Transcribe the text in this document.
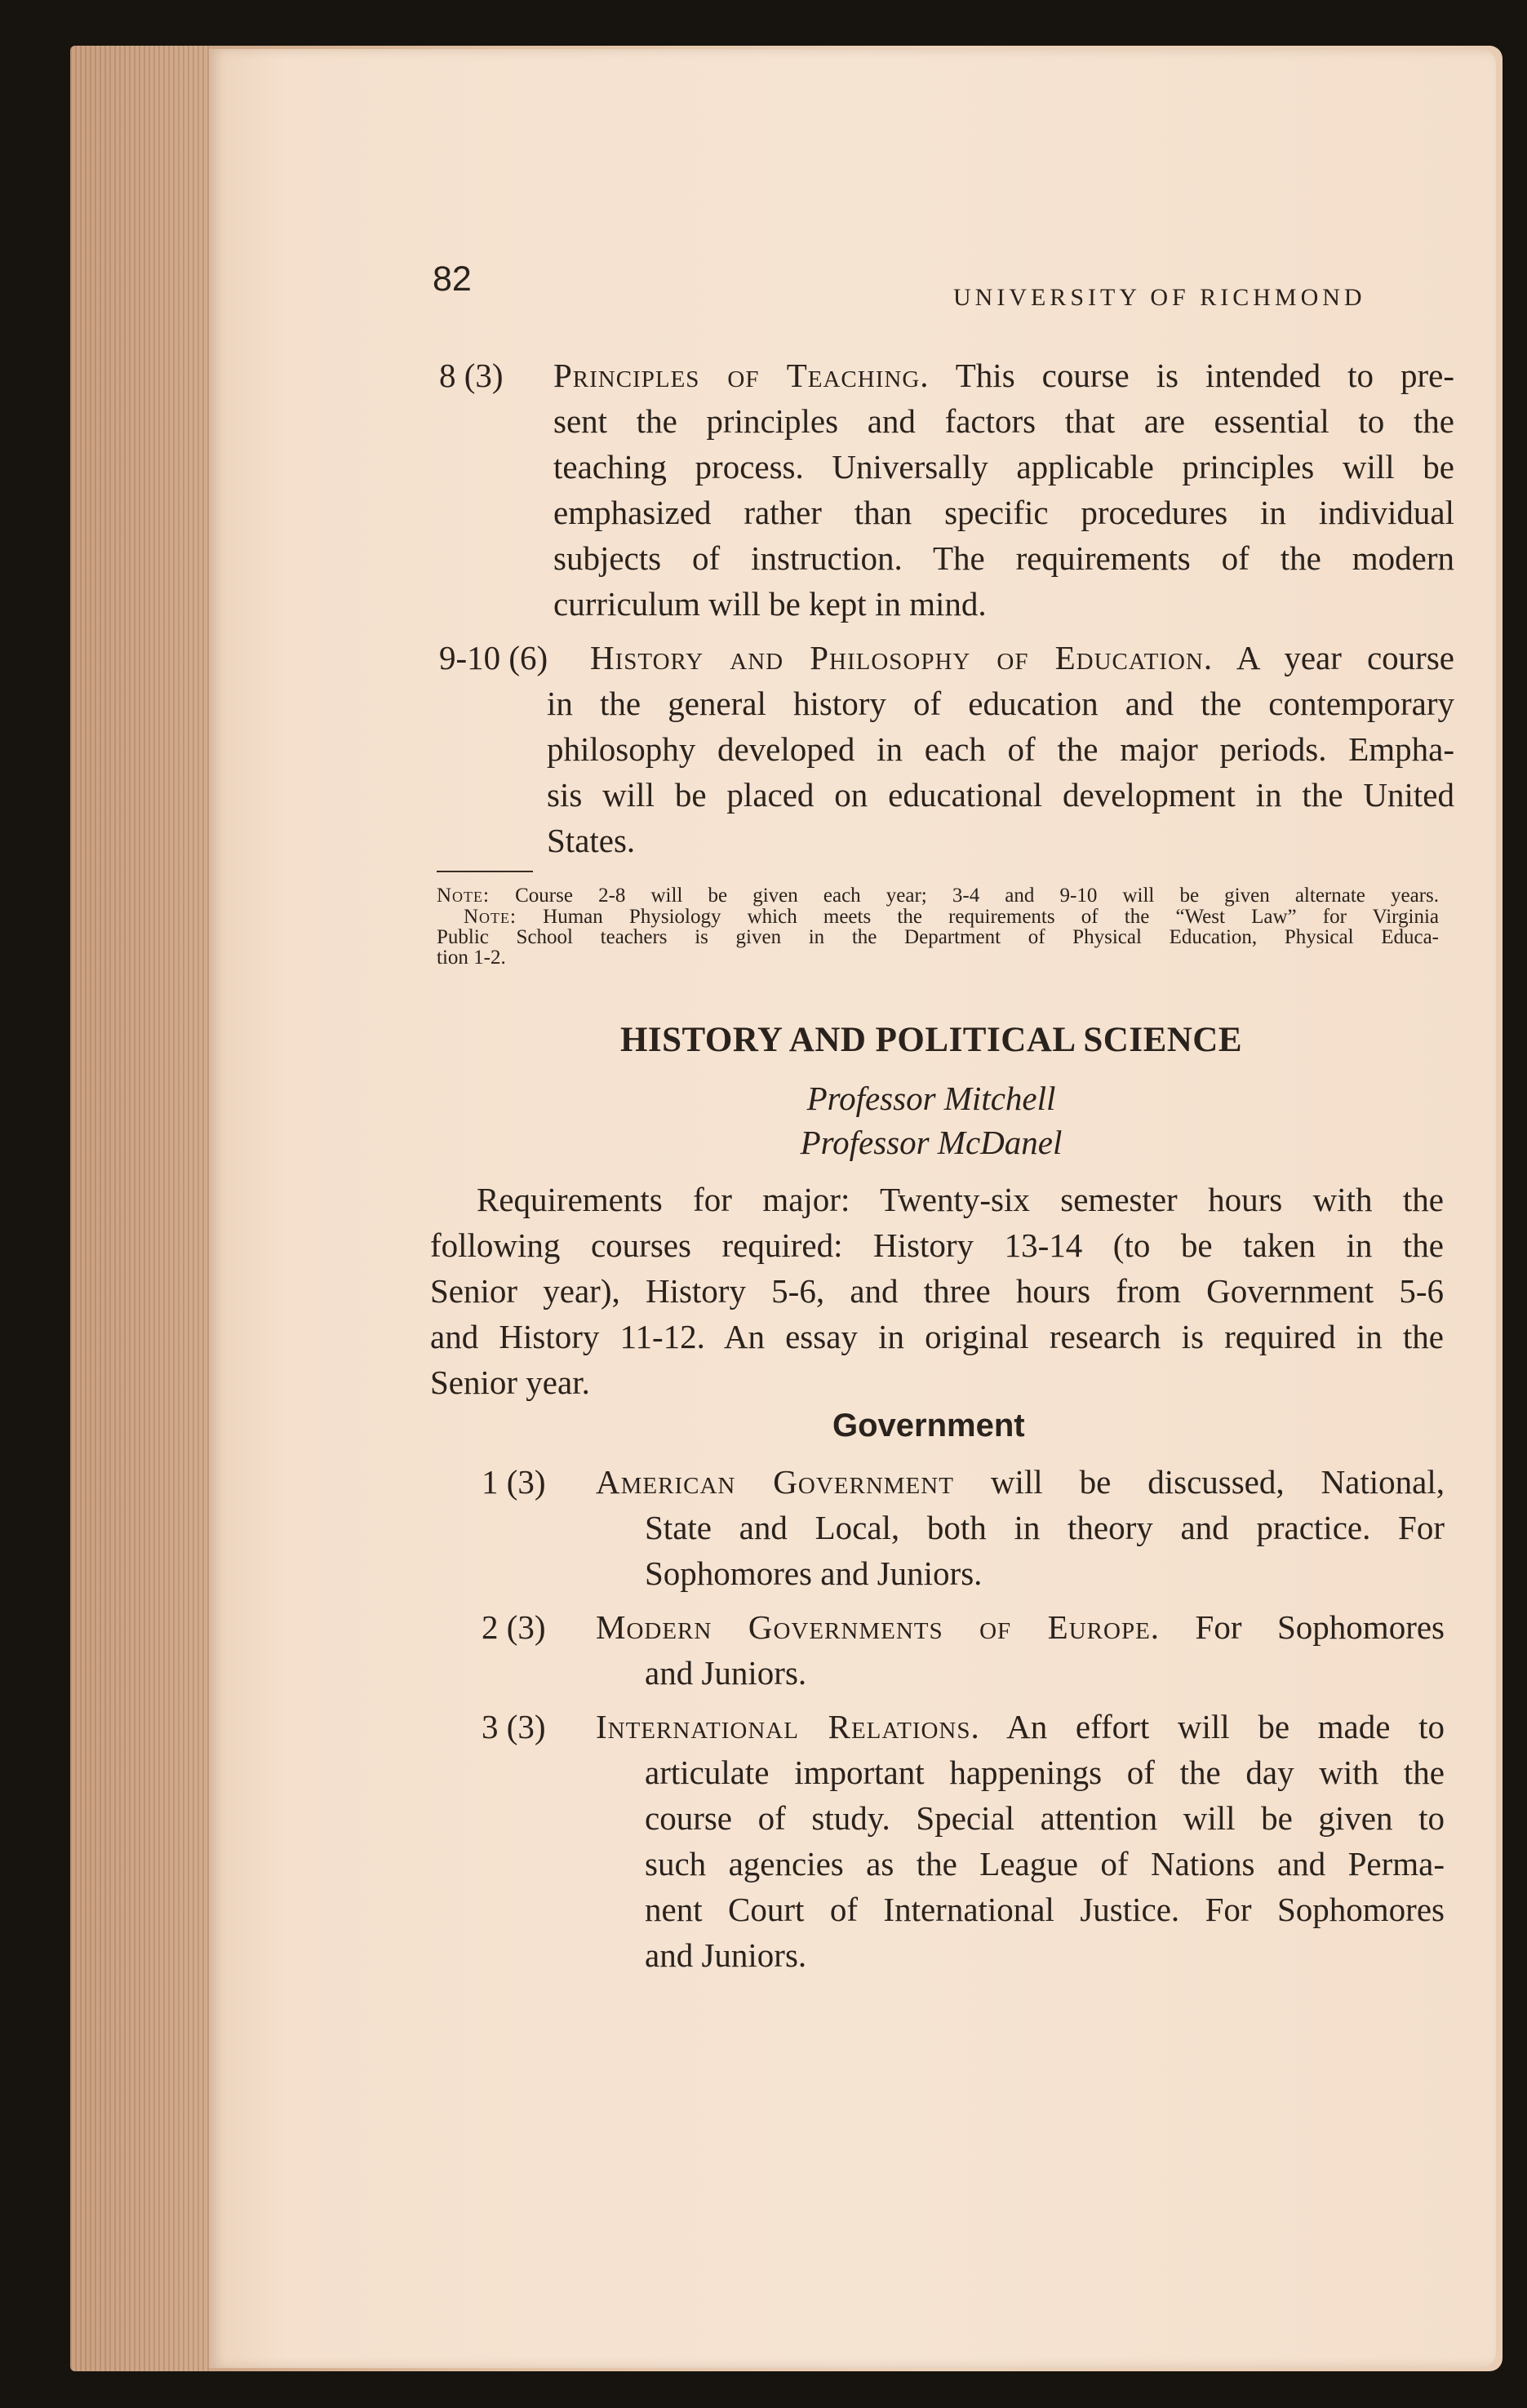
82	UNIVERSITY OF RICHMOND
8 (3) Principles of Teaching. This course is intended to pre-
sent the principles and factors that are essential to the
teaching process. Universally applicable principles will be
emphasized rather than specific procedures in individual
subjects of instruction. The requirements of the modern
curriculum will be kept in mind.
9-10 (6) History and Philosophy of Education. A year course
in the general history of education and the contemporary
philosophy developed in each of the major periods. Empha-
sis will be placed on educational development in the United
States.
Note: Course 2-8 will be given each year; 3-4 and 9-10 will be given alternate years.
Note: Human Physiology which meets the requirements of the “West Law” for Virginia
Public School teachers is given in the Department of Physical Education, Physical Educa-
tion 1-2.
HISTORY AND POLITICAL SCIENCE
Professor Mitchell
Professor McDanel
Requirements for major: Twenty-six semester hours with the
following courses required: History 13-14 (to be taken in the
Senior year), History 5-6, and three hours from Government 5-6
and History 11-12. An essay in original research is required in the
Senior year.
Government
1 (3) American Government will be discussed, National,
State and Local, both in theory and practice. For
Sophomores and Juniors.
2 (3) Modern Governments of Europe. For Sophomores
and Juniors.
3 (3) International Relations. An effort will be made to
articulate important happenings of the day with the
course of study. Special attention will be given to
such agencies as the League of Nations and Perma-
nent Court of International Justice. For Sophomores
and Juniors.
